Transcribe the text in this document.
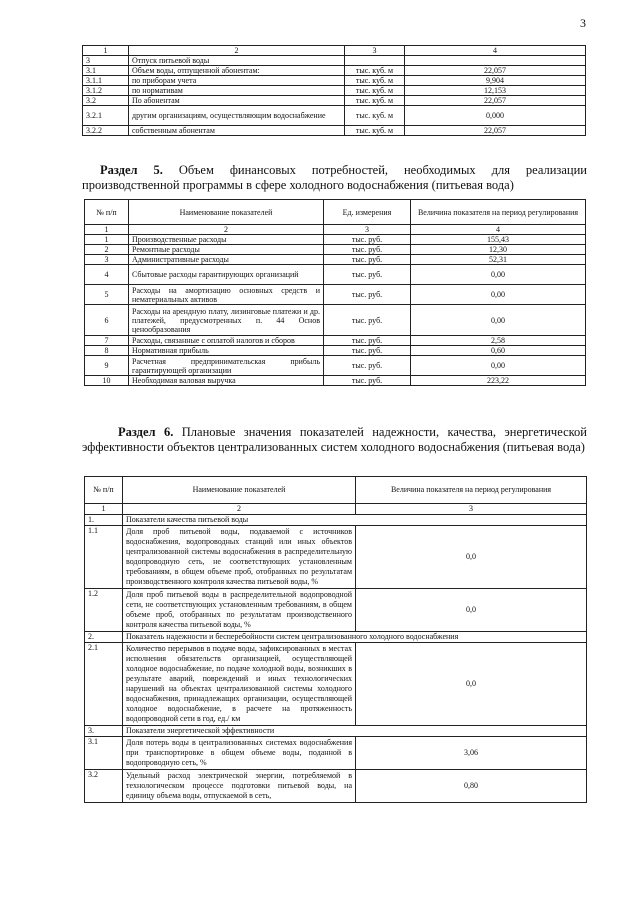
3
1	2	3	4
3	Отпуск питьевой воды		
3.1	Объем воды, отпущенной абонентам:	тыс. куб. м	22,057
3.1.1	по приборам учета	тыс. куб. м	9,904
3.1.2	по нормативам	тыс. куб. м	12,153
3.2	По абонентам	тыс. куб. м	22,057
3.2.1	другим организациям, осуществляющим водоснабжение	тыс. куб. м	0,000
3.2.2	собственным абонентам	тыс. куб. м	22,057
Раздел 5. Объем финансовых потребностей, необходимых для реализации производственной программы в сфере холодного водоснабжения (питьевая вода)
№ п/п	Наименование показателей	Ед. измерения	Величина показателя на период регулирования
1	2	3	4
1	Производственные расходы	тыс. руб.	155,43
2	Ремонтные расходы	тыс. руб.	12,30
3	Административные расходы	тыс. руб.	52,31
4	Сбытовые расходы гарантирующих организаций	тыс. руб.	0,00
5	Расходы на амортизацию основных средств и нематериальных активов	тыс. руб.	0,00
6	Расходы на арендную плату, лизинговые платежи и др. платежей, предусмотренных п. 44 Основ ценообразования	тыс. руб.	0,00
7	Расходы, связанные с оплатой налогов и сборов	тыс. руб.	2,58
8	Нормативная прибыль	тыс. руб.	0,60
9	Расчетная предпринимательская прибыль гарантирующей организации	тыс. руб.	0,00
10	Необходимая валовая выручка	тыс. руб.	223,22
Раздел 6. Плановые значения показателей надежности, качества, энергетической эффективности объектов централизованных систем холодного водоснабжения (питьевая вода)
№ п/п	Наименование показателей	Величина показателя на период регулирования
1	2	3
1.	Показатели качества питьевой воды	
1.1	Доля проб питьевой воды, подаваемой с источников водоснабжения, водопроводных станций или иных объектов централизованной системы водоснабжения в распределительную водопроводную сеть, не соответствующих установленным требованиям, в общем объеме проб, отобранных по результатам производственного контроля качества питьевой воды, %	0,0
1.2	Доля проб питьевой воды в распределительной водопроводной сети, не соответствующих установленным требованиям, в общем объеме проб, отобранных по результатам производственного контроля качества питьевой воды, %	0,0
2.	Показатель надежности и бесперебойности систем централизованного холодного водоснабжения	
2.1	Количество перерывов в подаче воды, зафиксированных в местах исполнения обязательств организацией, осуществляющей холодное водоснабжение, по подаче холодной воды, возникших в результате аварий, повреждений и иных технологических нарушений на объектах централизованной системы холодного водоснабжения, принадлежащих организации, осуществляющей холодное водоснабжение, в расчете на протяженность водопроводной сети в год, ед./ км	0,0
3.	Показатели энергетической эффективности	
3.1	Доля потерь воды в централизованных системах водоснабжения при транспортировке в общем объеме воды, поданной в водопроводную сеть, %	3,06
3.2	Удельный расход электрической энергии, потребляемой в технологическом процессе подготовки питьевой воды, на единицу объема воды, отпускаемой в сеть,	0,80
